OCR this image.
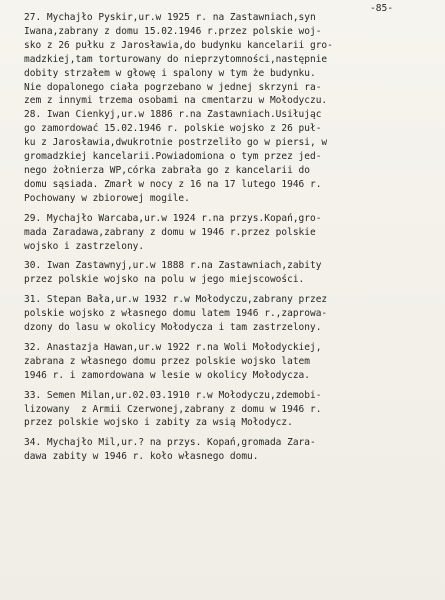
-85-
27. Mychajło Pyskir,ur.w 1925 r. na Zastawniach,syn
Iwana,zabrany z domu 15.02.1946 r.przez polskie woj-
sko z 26 pułku z Jarosławia,do budynku kancelarii gro-
madzkiej,tam torturowany do nieprzytomności,następnie
dobity strzałem w głowę i spalony w tym że budynku.
Nie dopalonego ciała pogrzebano w jednej skrzyni ra-
zem z innymi trzema osobami na cmentarzu w Mołodyczu.
28. Iwan Cienkyj,ur.w 1886 r.na Zastawniach.Usiłując
go zamordować 15.02.1946 r. polskie wojsko z 26 puł-
ku z Jarosławia,dwukrotnie postrzeliło go w piersi, w
gromadzkiej kancelarii.Powiadomiona o tym przez jed-
nego żołnierza WP,córka zabrała go z kancelarii do
domu sąsiada. Zmarł w nocy z 16 na 17 lutego 1946 r.
Pochowany w zbiorowej mogile.
29. Mychajło Warcaba,ur.w 1924 r.na przys.Kopań,gro-
mada Zaradawa,zabrany z domu w 1946 r.przez polskie
wojsko i zastrzelony.
30. Iwan Zastawnyj,ur.w 1888 r.na Zastawniach,zabity
przez polskie wojsko na polu w jego miejscowości.
31. Stepan Bała,ur.w 1932 r.w Mołodyczu,zabrany przez
polskie wojsko z własnego domu latem 1946 r.,zaprowa-
dzony do lasu w okolicy Mołodycza i tam zastrzelony.
32. Anastazja Hawan,ur.w 1922 r.na Woli Mołodyckiej,
zabrana z własnego domu przez polskie wojsko latem
1946 r. i zamordowana w lesie w okolicy Mołodycza.
33. Semen Milan,ur.02.03.1910 r.w Mołodyczu,zdemobi-
lizowany  z Armii Czerwonej,zabrany z domu w 1946 r.
przez polskie wojsko i zabity za wsią Mołodycz.
34. Mychajło Mil,ur.? na przys. Kopań,gromada Zara-
dawa zabity w 1946 r. koło własnego domu.
